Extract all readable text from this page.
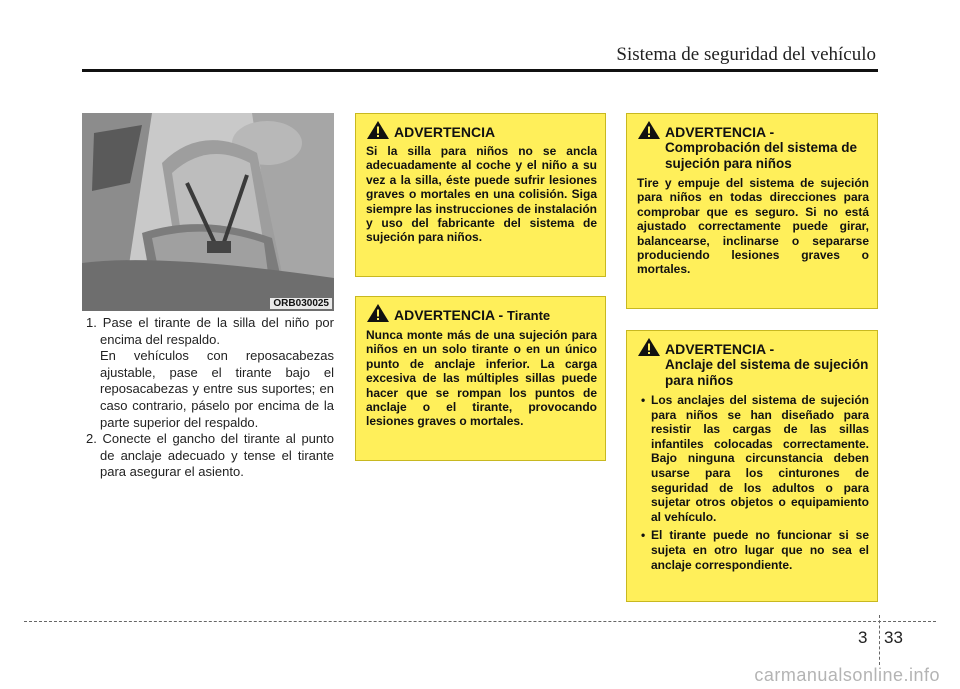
Sistema de seguridad del vehículo
ORB030025

1. Pase el tirante de la silla del niño por encima del respaldo.

En vehículos con reposacabezas ajustable, pase el tirante bajo el reposacabezas y entre sus suportes; en caso contrario, páselo por encima de la parte superior del respaldo.

2. Conecte el gancho del tirante al punto de anclaje adecuado y tense el tirante para asegurar el asiento.

ADVERTENCIA
Si la silla para niños no se ancla adecuadamente al coche y el niño a su vez a la silla, éste puede sufrir lesiones graves o mortales en una colisión. Siga siempre las instrucciones de instalación y uso del fabricante del sistema de sujeción para niños.
ADVERTENCIA - Tirante
Nunca monte más de una sujeción para niños en un solo tirante o en un único punto de anclaje inferior. La carga excesiva de las múltiples sillas puede hacer que se rompan los puntos de anclaje o el tirante, provocando lesiones graves o mortales.
ADVERTENCIA -
Comprobación del sistema de sujeción para niños
Tire y empuje del sistema de sujeción para niños en todas direcciones para comprobar que es seguro. Si no está ajustado correctamente puede girar, balancearse, inclinarse o separarse produciendo lesiones graves o mortales.
ADVERTENCIA -
Anclaje del sistema de sujeción para niños
• Los anclajes del sistema de sujeción para niños se han diseñado para resistir las cargas de las sillas infantiles colocadas correctamente. Bajo ninguna circunstancia deben usarse para los cinturones de seguridad de los adultos o para sujetar otros objetos o equipamiento al vehículo.
• El tirante puede no funcionar si se sujeta en otro lugar que no sea el anclaje correspondiente.
3 33
carmanualsonline.info
